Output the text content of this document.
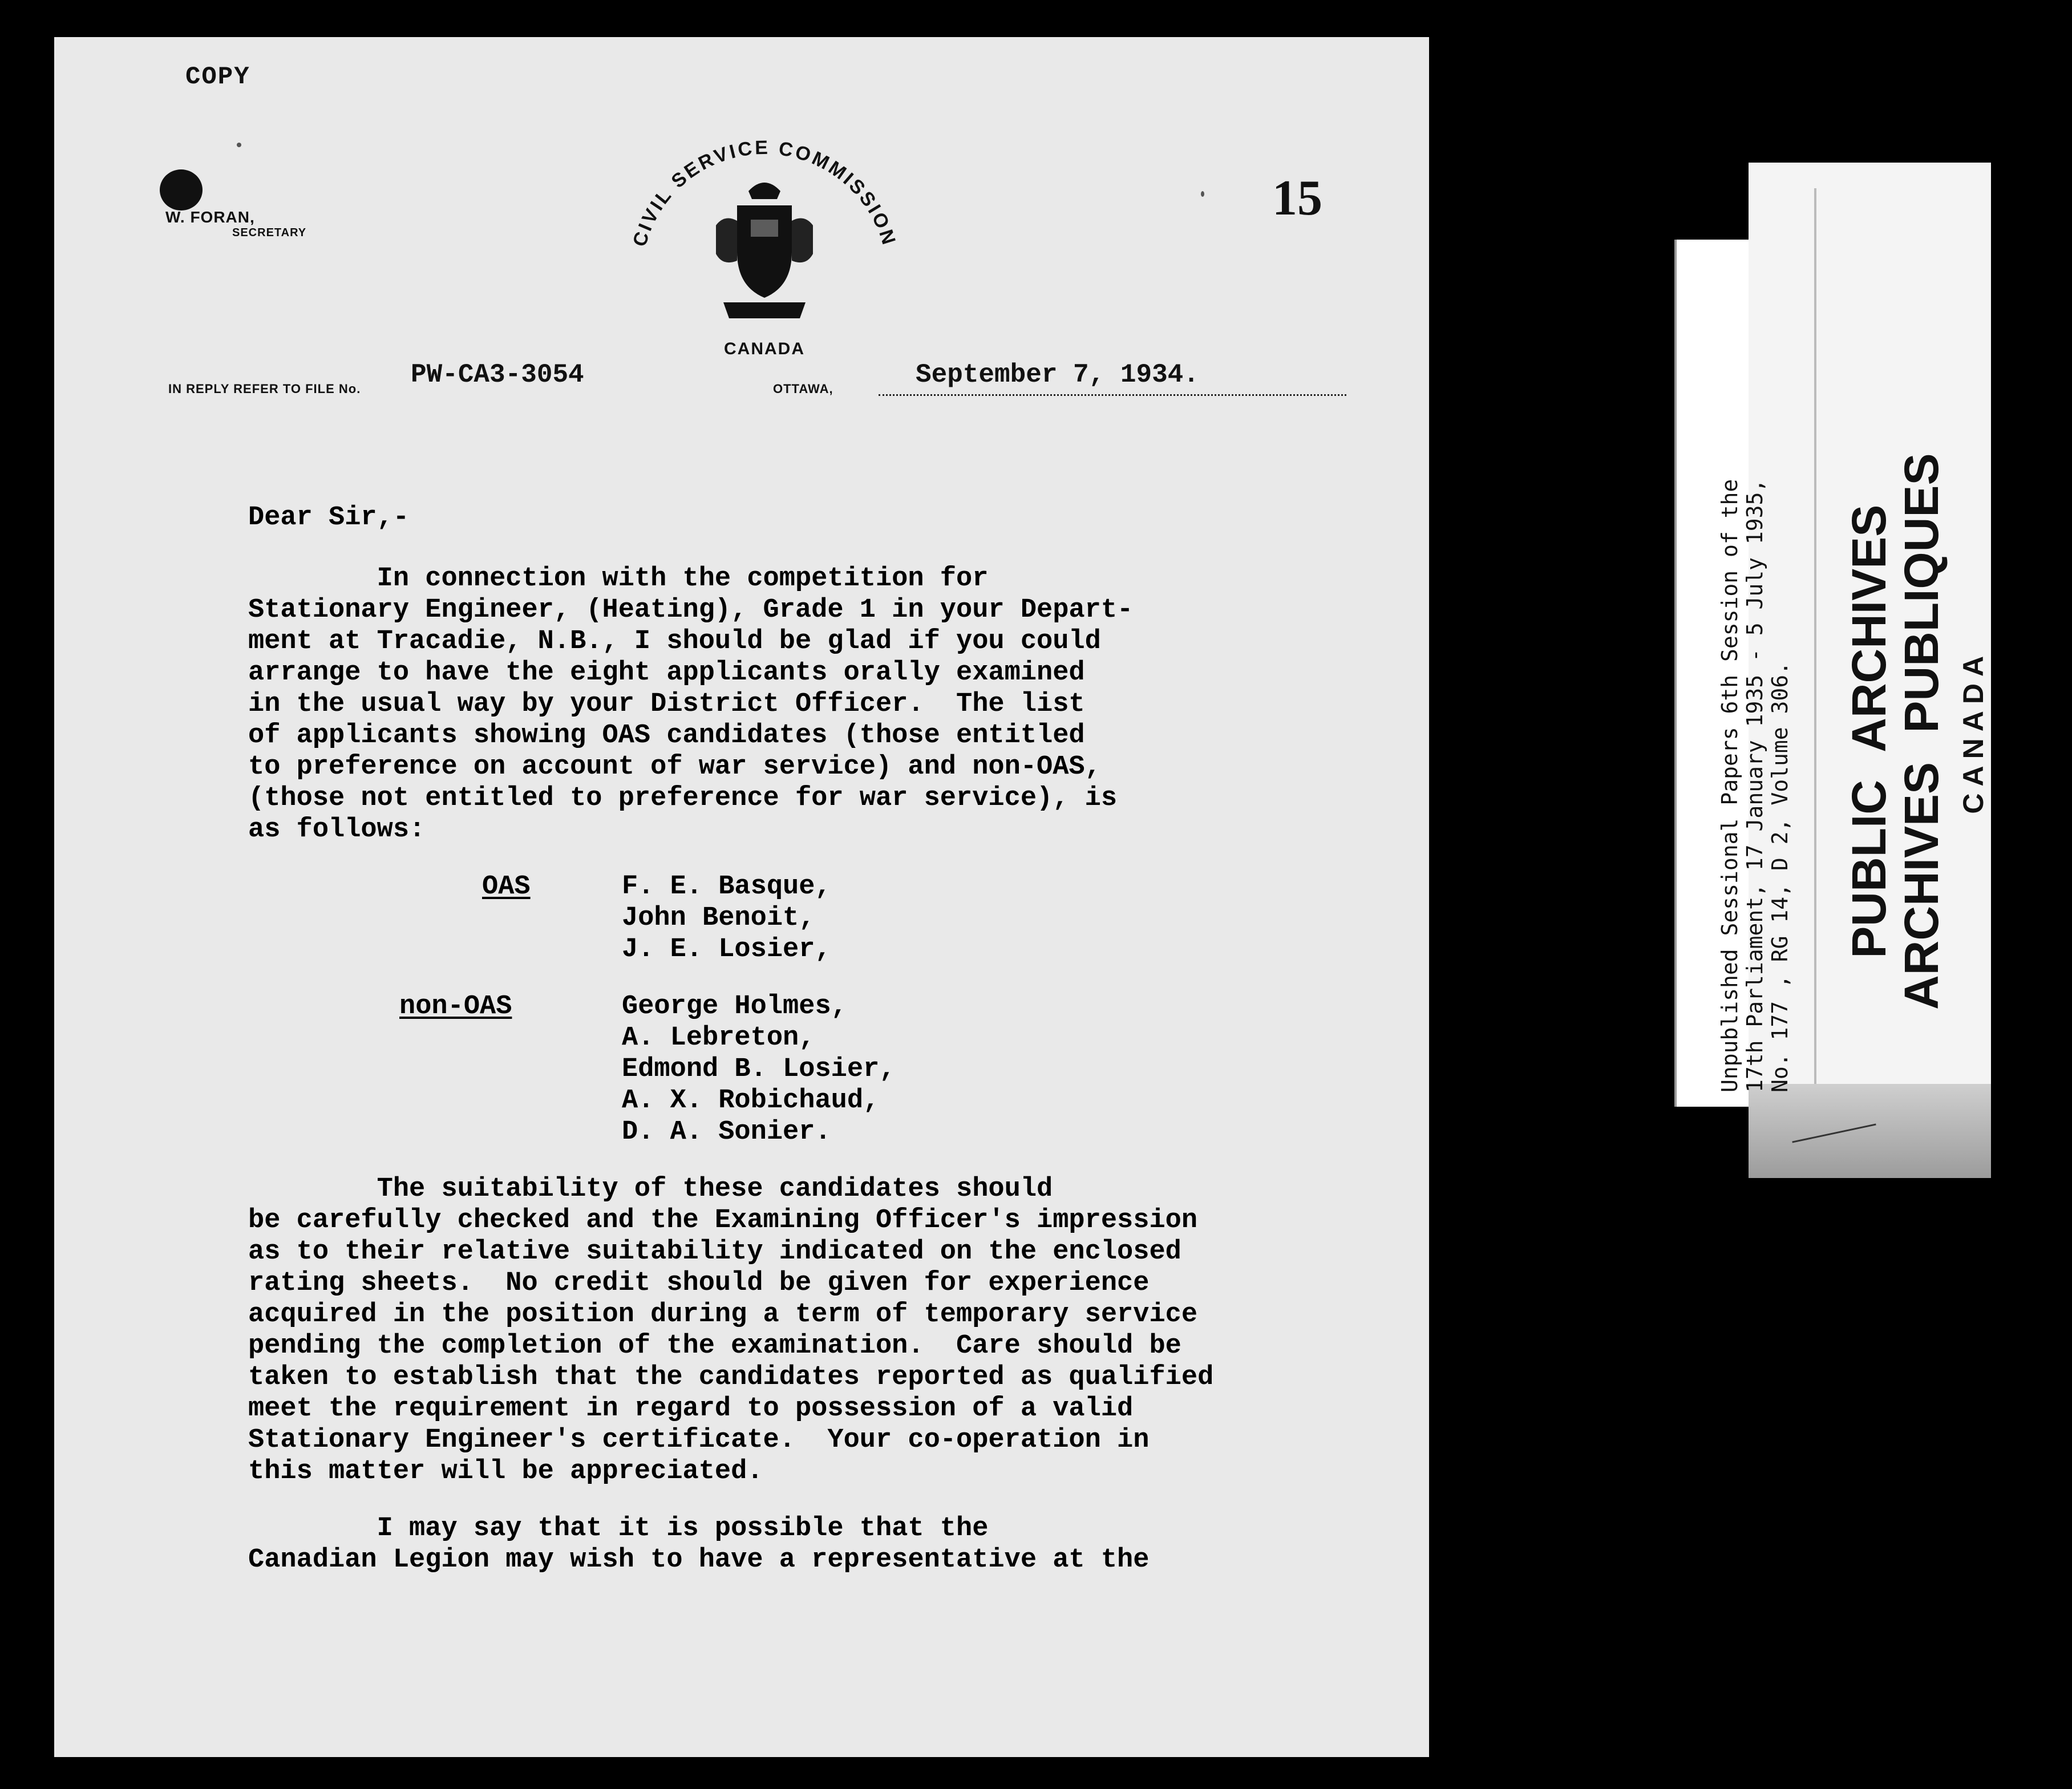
COPY
W. FORAN,
SECRETARY	CIVIL SERVICE COMMISSION
CANADA
15
IN REPLY REFER TO FILE No. PW-CA3-3054	OTTAWA,	September 7, 1934.
Dear Sir,-
In connection with the competition for
Stationary Engineer, (Heating), Grade 1 in your Depart-
ment at Tracadie, N.B., I should be glad if you could
arrange to have the eight applicants orally examined
in the usual way by your District Officer.  The list
of applicants showing OAS candidates (those entitled
to preference on account of war service) and non-OAS,
(those not entitled to preference for war service), is
as follows:
OAS	F. E. Basque,
John Benoit,
J. E. Losier,
non-OAS	George Holmes,
A. Lebreton,
Edmond B. Losier,
A. X. Robichaud,
D. A. Sonier.
The suitability of these candidates should
be carefully checked and the Examining Officer's impression
as to their relative suitability indicated on the enclosed
rating sheets.  No credit should be given for experience
acquired in the position during a term of temporary service
pending the completion of the examination.  Care should be
taken to establish that the candidates reported as qualified
meet the requirement in regard to possession of a valid
Stationary Engineer's certificate.  Your co-operation in
this matter will be appreciated.
I may say that it is possible that the
Canadian Legion may wish to have a representative at the
Unpublished Sessional Papers 6th Session of the 17th Parliament, 17 January 1935 - 5 July 1935, No. 177 , RG 14, D 2, Volume 306. PUBLIC ARCHIVES
ARCHIVES PUBLIQUES CANADA
